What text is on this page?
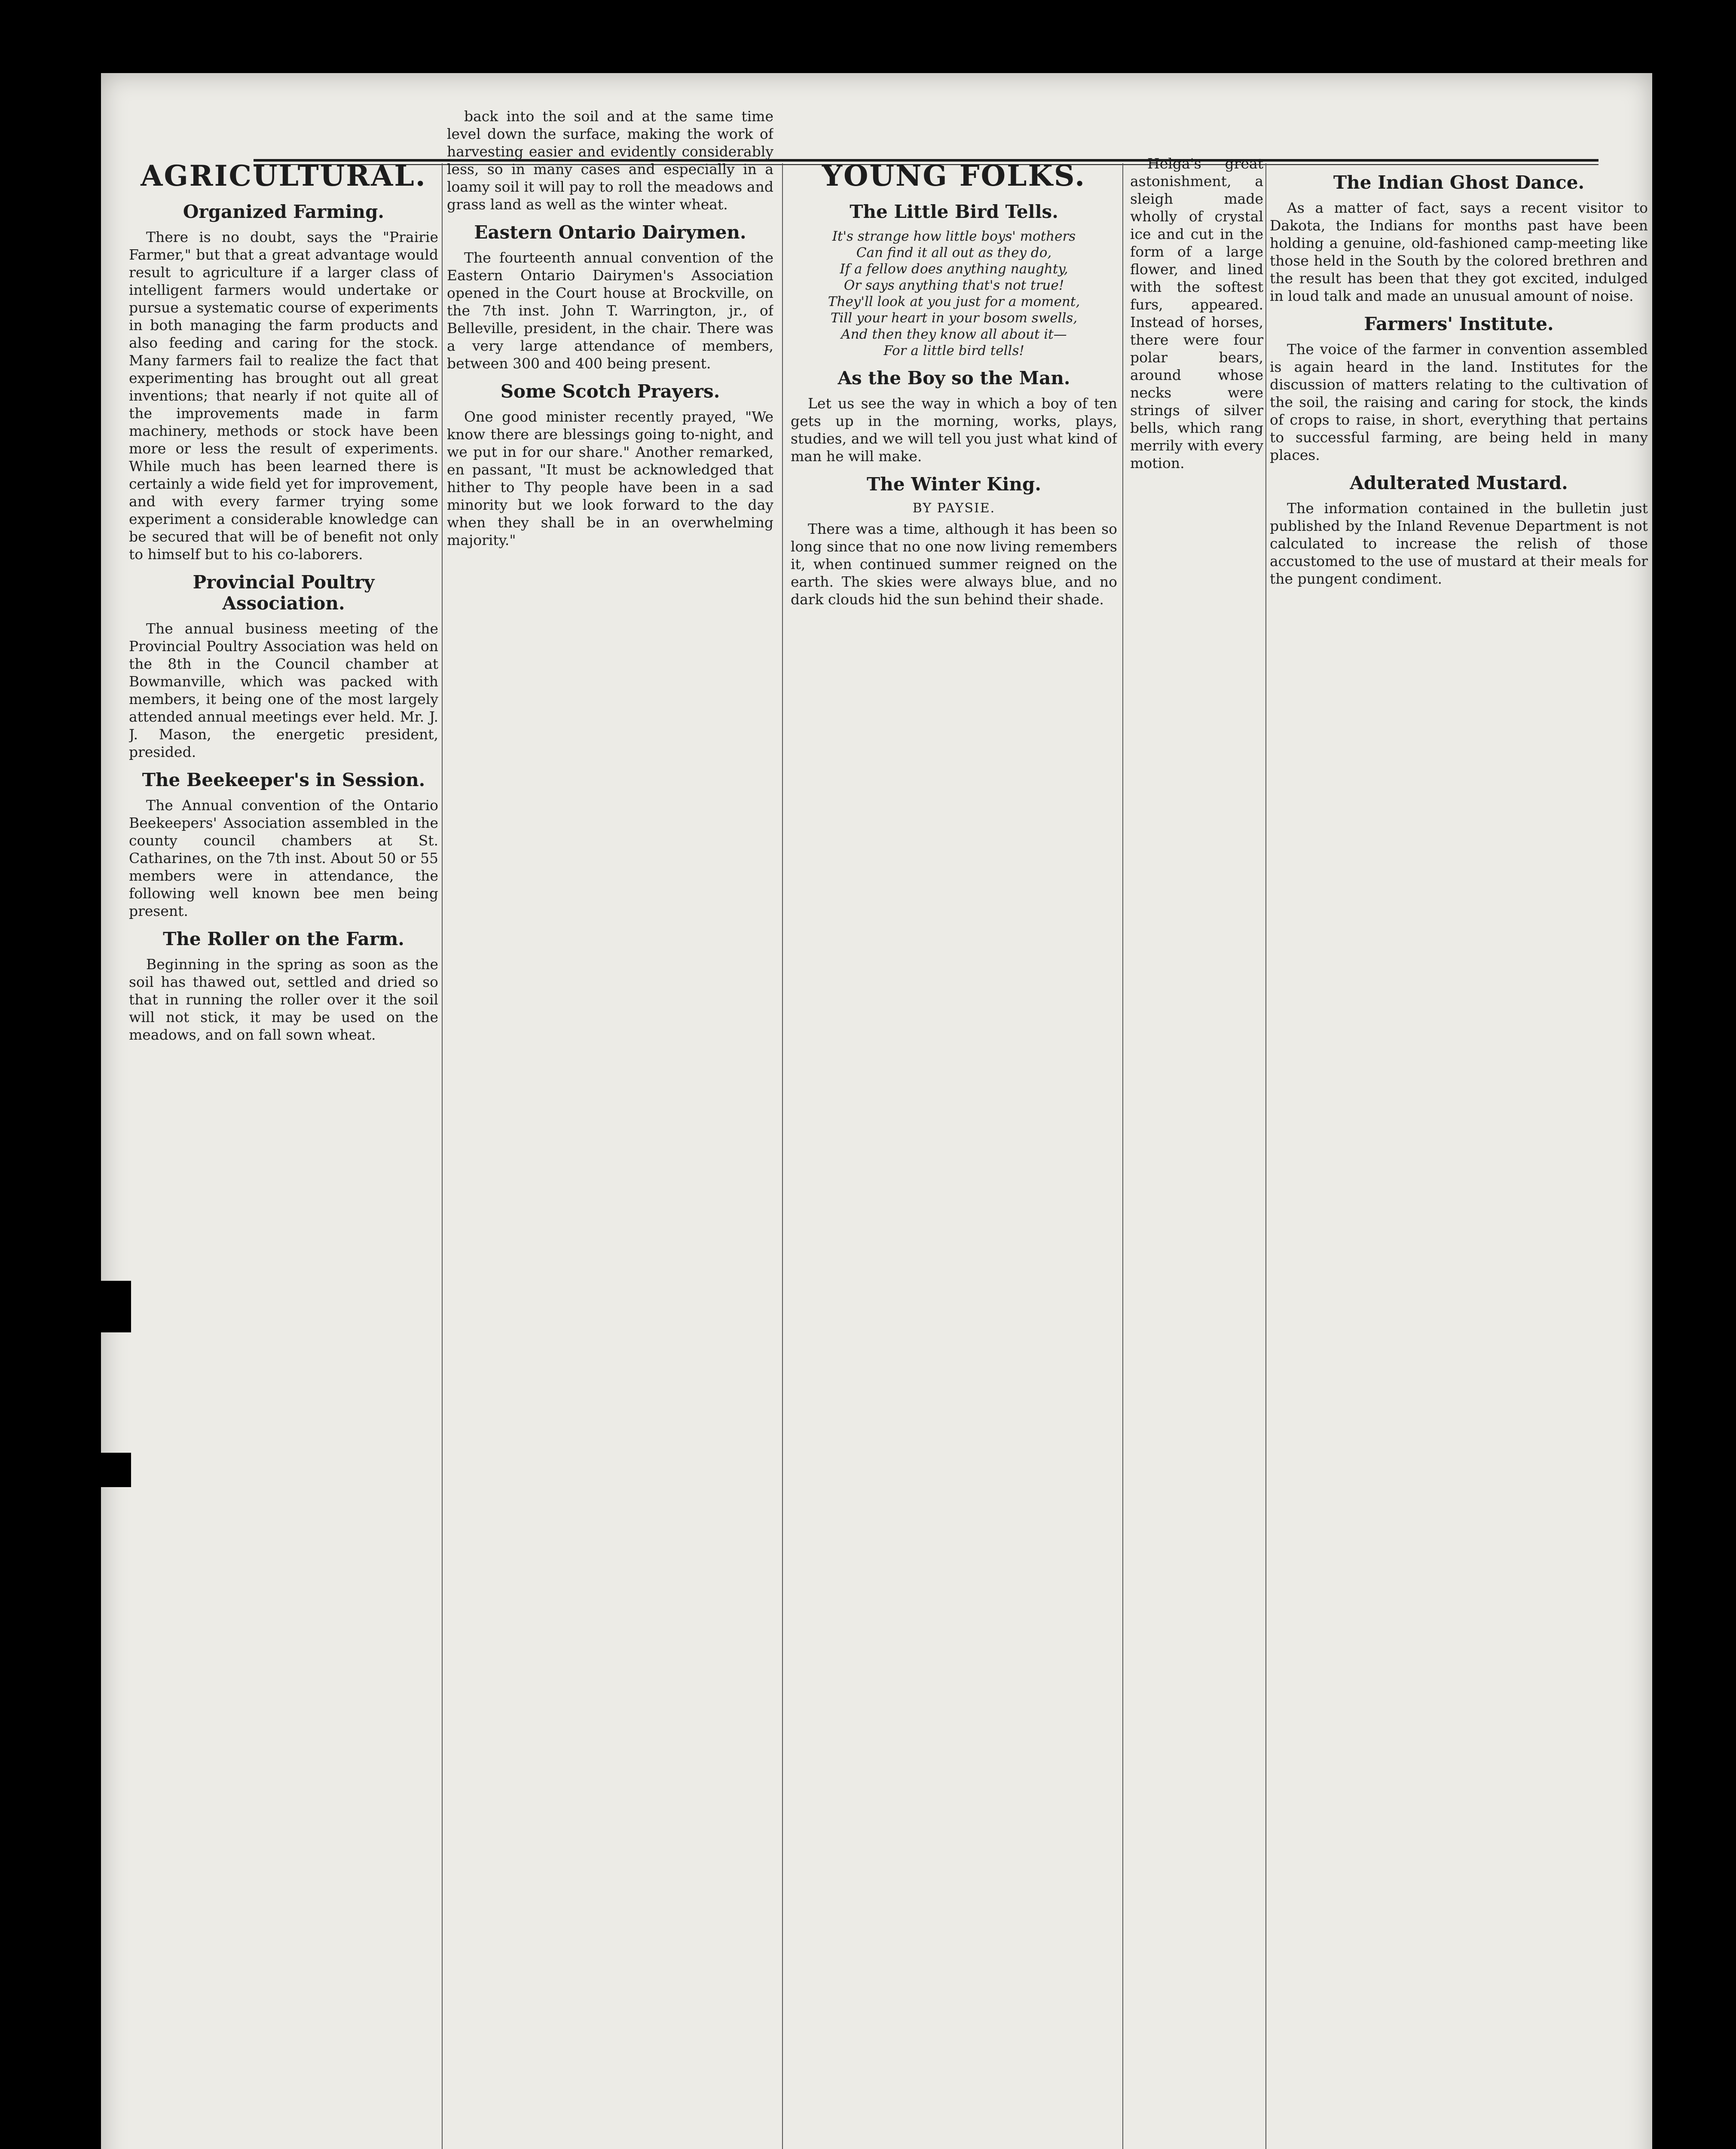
AGRICULTURAL.
Organized Farming.

There is no doubt, says the "Prairie Farmer," but that a great advantage would result to agriculture if a larger class of intelligent farmers would undertake or pursue a systematic course of experiments in both managing the farm products and also feeding and caring for the stock. Many farmers fail to realize the fact that experimenting has brought out all great inventions; that nearly if not quite all of the improvements made in farm machinery, methods or stock have been more or less the result of experiments. While much has been learned there is certainly a wide field yet for improvement, and with every farmer trying some experiment a considerable knowledge can be secured that will be of benefit not only to himself but to his co-laborers.

Provincial Poultry Association.

The annual business meeting of the Provincial Poultry Association was held on the 8th in the Council chamber at Bowmanville, which was packed with members, it being one of the most largely attended annual meetings ever held. Mr. J. J. Mason, the energetic president, presided.

The Beekeeper's in Session.

The Annual convention of the Ontario Beekeepers' Association assembled in the county council chambers at St. Catharines, on the 7th inst. About 50 or 55 members were in attendance, the following well known bee men being present.

The Roller on the Farm.

Beginning in the spring as soon as the soil has thawed out, settled and dried so that in running the roller over it the soil will not stick, it may be used on the meadows, and on fall sown wheat.

back into the soil and at the same time level down the surface, making the work of harvesting easier and evidently considerably less, so in many cases and especially in a loamy soil it will pay to roll the meadows and grass land as well as the winter wheat.

Eastern Ontario Dairymen.

The fourteenth annual convention of the Eastern Ontario Dairymen's Association opened in the Court house at Brockville, on the 7th inst. John T. Warrington, jr., of Belleville, president, in the chair. There was a very large attendance of members, between 300 and 400 being present.

Some Scotch Prayers.

One good minister recently prayed, "We know there are blessings going to-night, and we put in for our share." Another remarked, en passant, "It must be acknowledged that hither to Thy people have been in a sad minority but we look forward to the day when they shall be in an overwhelming majority."

YOUNG FOLKS.
The Little Bird Tells.
It's strange how little boys' mothers
Can find it all out as they do,
If a fellow does anything naughty,
Or says anything that's not true!
They'll look at you just for a moment,
Till your heart in your bosom swells,
And then they know all about it—
For a little bird tells!
As the Boy so the Man.

Let us see the way in which a boy of ten gets up in the morning, works, plays, studies, and we will tell you just what kind of man he will make.

The Winter King.
BY PAYSIE.

There was a time, although it has been so long since that no one now living remembers it, when continued summer reigned on the earth. The skies were always blue, and no dark clouds hid the sun behind their shade.

Helga's great astonishment, a sleigh made wholly of crystal ice and cut in the form of a large flower, and lined with the softest furs, appeared. Instead of horses, there were four polar bears, around whose necks were strings of silver bells, which rang merrily with every motion.

The Indian Ghost Dance.

As a matter of fact, says a recent visitor to Dakota, the Indians for months past have been holding a genuine, old-fashioned camp-meeting like those held in the South by the colored brethren and the result has been that they got excited, indulged in loud talk and made an unusual amount of noise.

Farmers' Institute.

The voice of the farmer in convention assembled is again heard in the land. Institutes for the discussion of matters relating to the cultivation of the soil, the raising and caring for stock, the kinds of crops to raise, in short, everything that pertains to successful farming, are being held in many places.

Adulterated Mustard.

The information contained in the bulletin just published by the Inland Revenue Department is not calculated to increase the relish of those accustomed to the use of mustard at their meals for the pungent condiment.
